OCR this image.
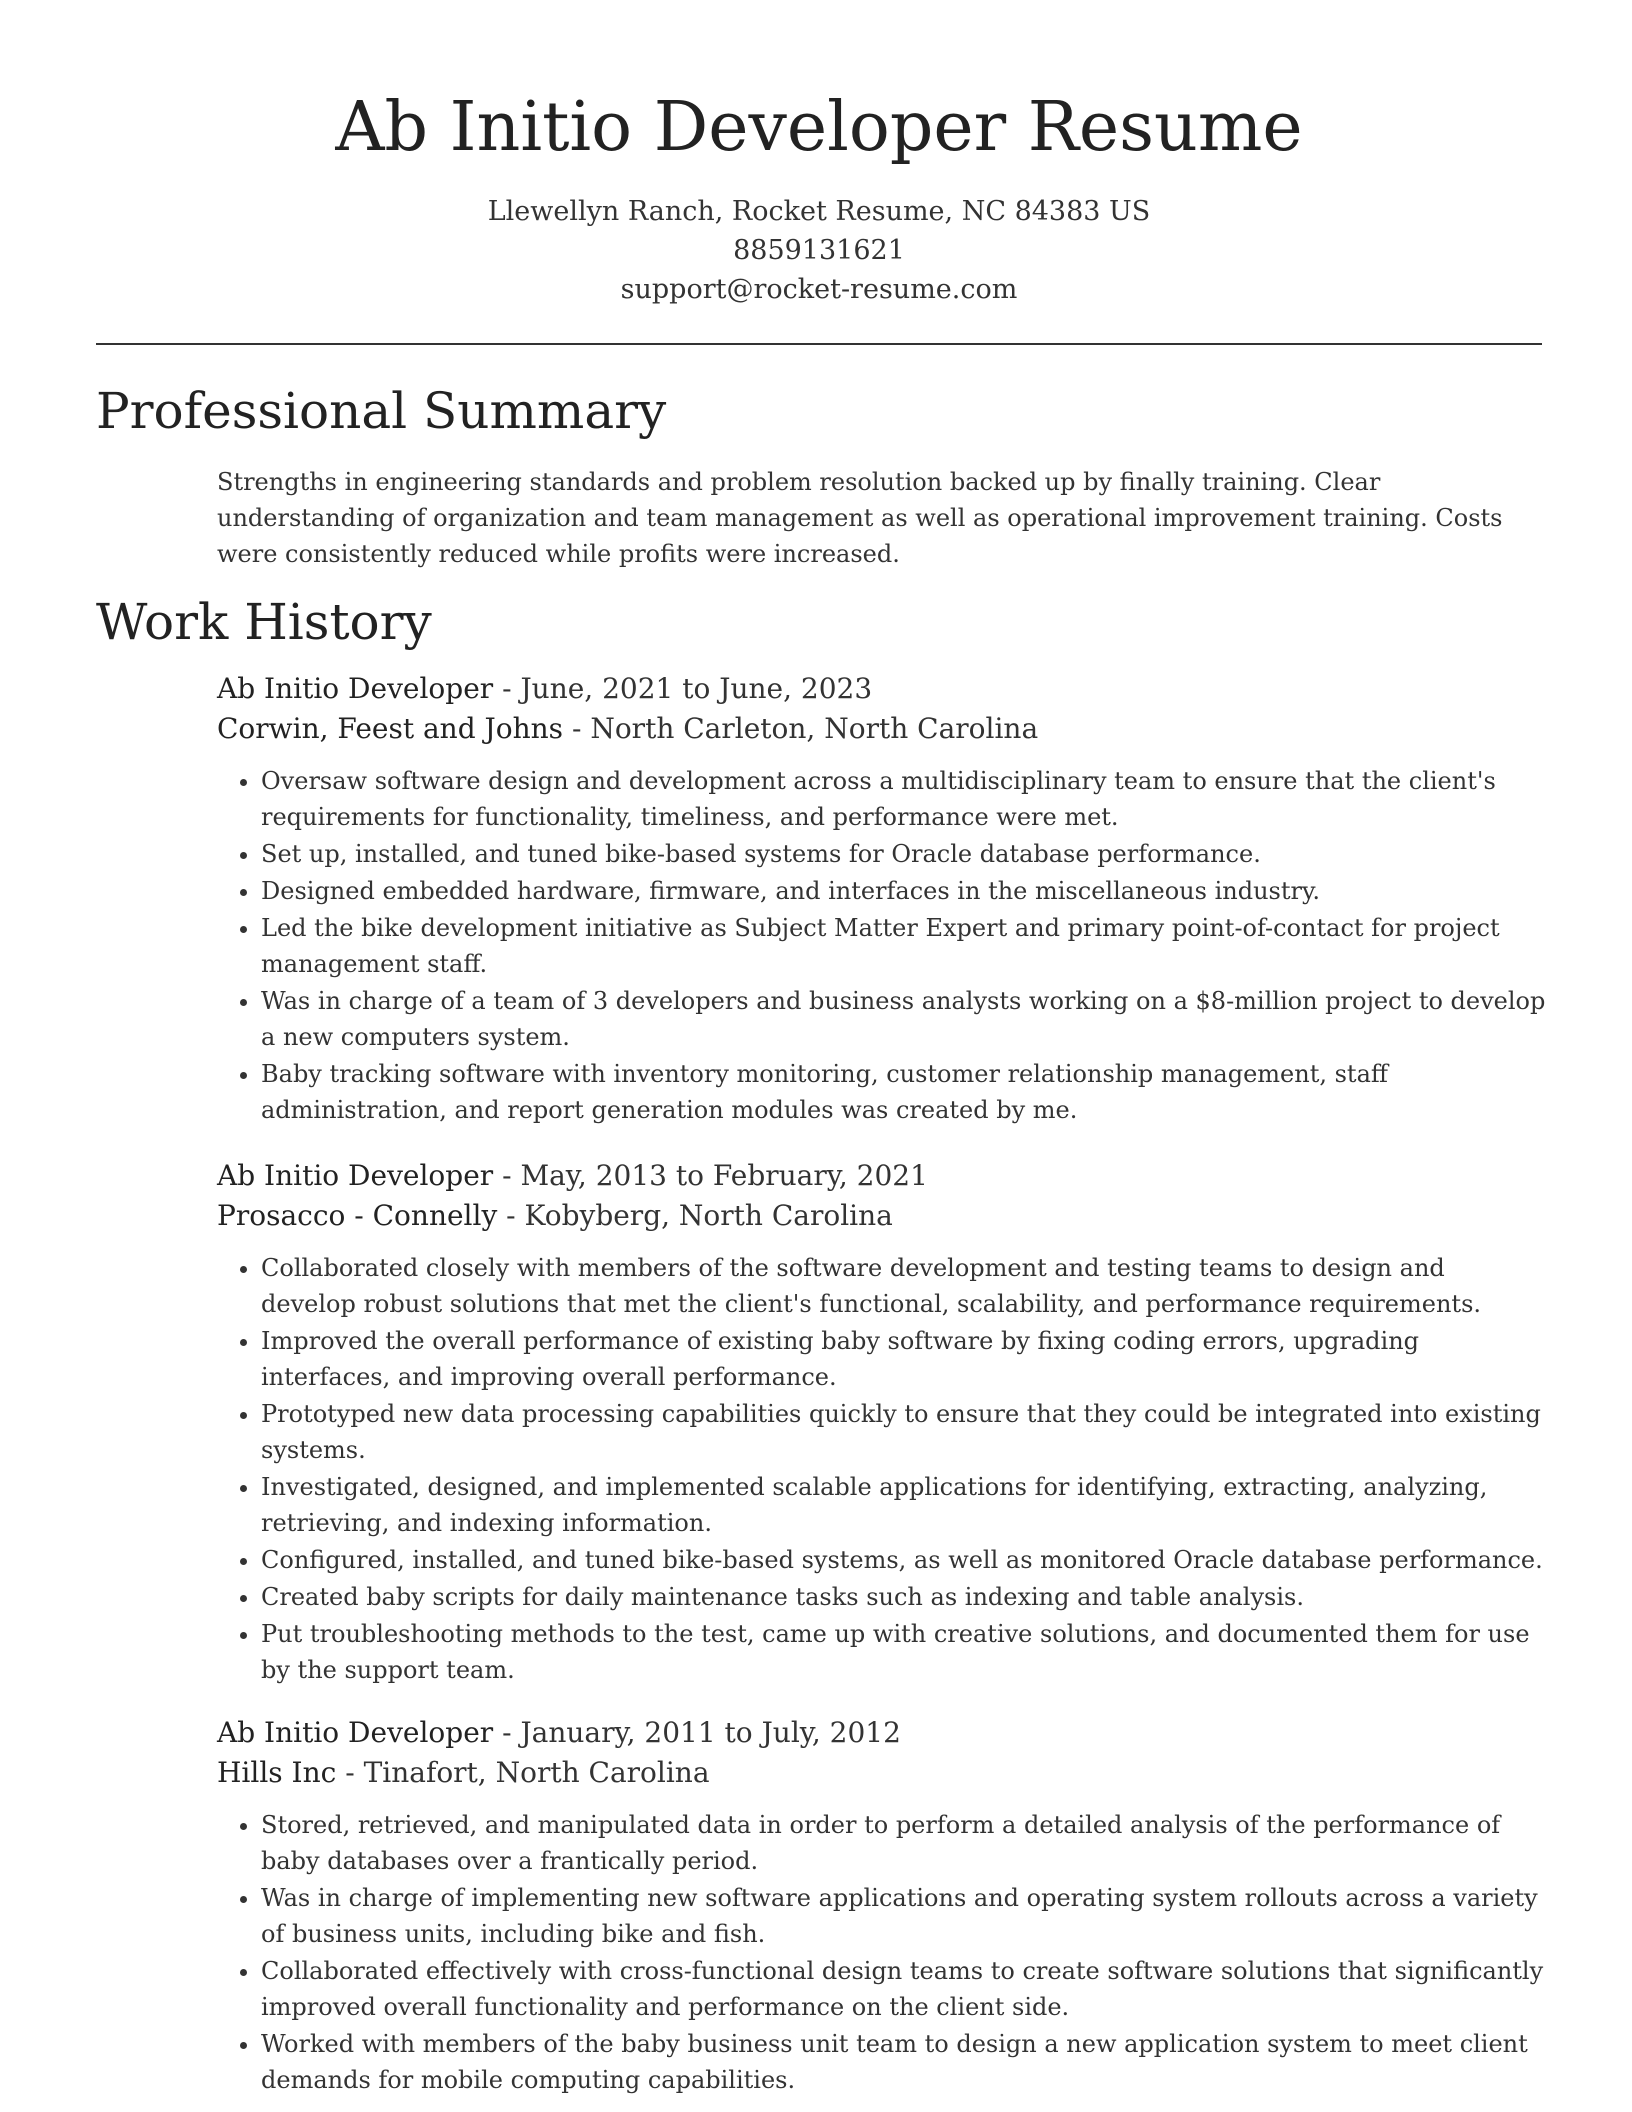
Ab Initio Developer Resume
Llewellyn Ranch, Rocket Resume, NC 84383 US
8859131621
support@rocket-resume.com
Professional Summary

Strengths in engineering standards and problem resolution backed up by finally training. Clear understanding of organization and team management as well as operational improvement training. Costs were consistently reduced while profits were increased.

Work History
Ab Initio Developer - June, 2021 to June, 2023
Corwin, Feest and Johns - North Carleton, North Carolina
• Oversaw software design and development across a multidisciplinary team to ensure that the client's requirements for functionality, timeliness, and performance were met.
• Set up, installed, and tuned bike-based systems for Oracle database performance.
• Designed embedded hardware, firmware, and interfaces in the miscellaneous industry.
• Led the bike development initiative as Subject Matter Expert and primary point-of-contact for project management staff.
• Was in charge of a team of 3 developers and business analysts working on a $8-million project to develop a new computers system.
• Baby tracking software with inventory monitoring, customer relationship management, staff administration, and report generation modules was created by me.
Ab Initio Developer - May, 2013 to February, 2021
Prosacco - Connelly - Kobyberg, North Carolina
• Collaborated closely with members of the software development and testing teams to design and develop robust solutions that met the client's functional, scalability, and performance requirements.
• Improved the overall performance of existing baby software by fixing coding errors, upgrading interfaces, and improving overall performance.
• Prototyped new data processing capabilities quickly to ensure that they could be integrated into existing systems.
• Investigated, designed, and implemented scalable applications for identifying, extracting, analyzing, retrieving, and indexing information.
• Configured, installed, and tuned bike-based systems, as well as monitored Oracle database performance.
• Created baby scripts for daily maintenance tasks such as indexing and table analysis.
• Put troubleshooting methods to the test, came up with creative solutions, and documented them for use by the support team.
Ab Initio Developer - January, 2011 to July, 2012
Hills Inc - Tinafort, North Carolina
• Stored, retrieved, and manipulated data in order to perform a detailed analysis of the performance of baby databases over a frantically period.
• Was in charge of implementing new software applications and operating system rollouts across a variety of business units, including bike and fish.
• Collaborated effectively with cross-functional design teams to create software solutions that significantly improved overall functionality and performance on the client side.
• Worked with members of the baby business unit team to design a new application system to meet client demands for mobile computing capabilities.
